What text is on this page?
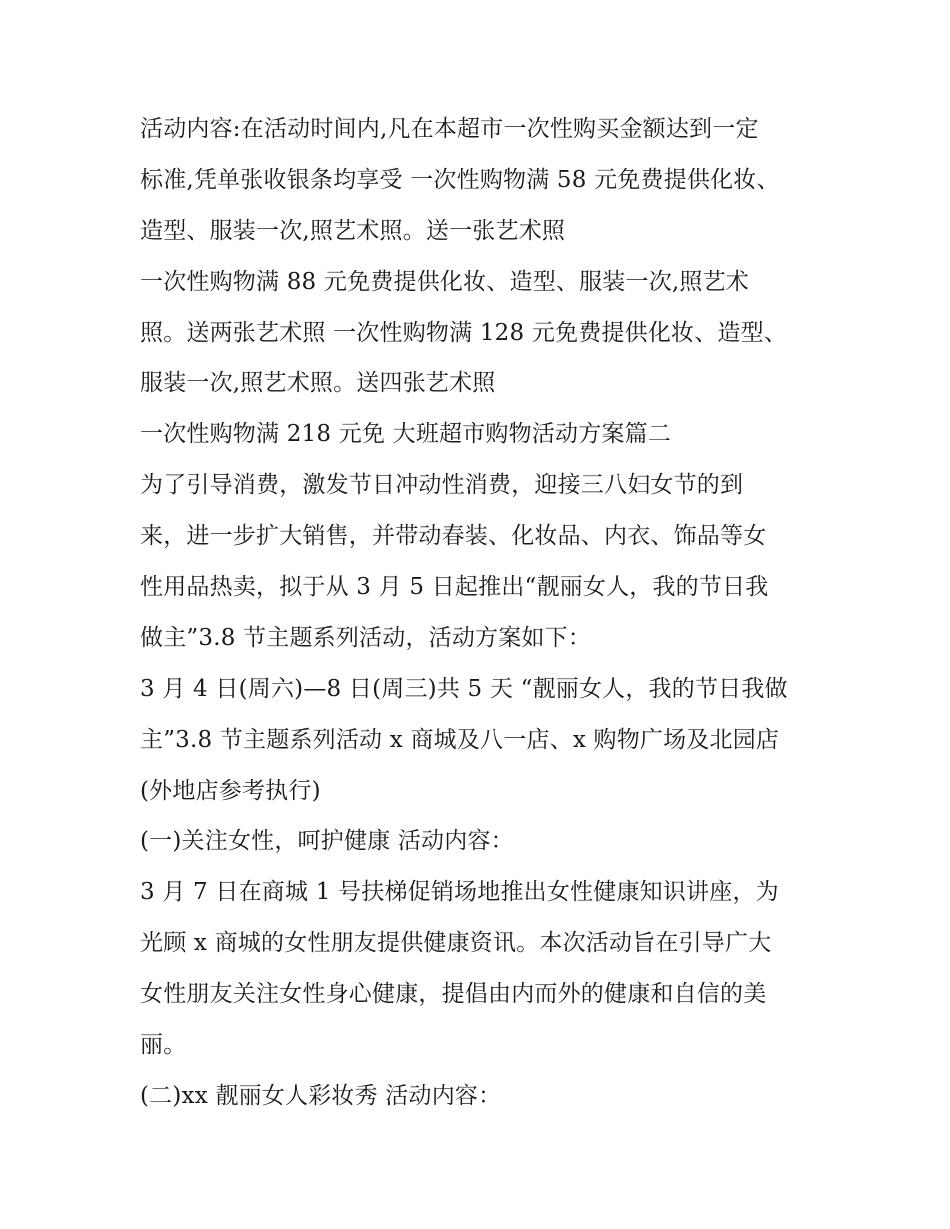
活动内容:在活动时间内,凡在本超市一次性购买金额达到一定
标准,凭单张收银条均享受 一次性购物满 58 元免费提供化妆、
造型、服装一次,照艺术照。送一张艺术照
一次性购物满 88 元免费提供化妆、造型、服装一次,照艺术
照。送两张艺术照 一次性购物满 128 元免费提供化妆、造型、
服装一次,照艺术照。送四张艺术照
一次性购物满 218 元免 大班超市购物活动方案篇二
为了引导消费，激发节日冲动性消费，迎接三八妇女节的到
来，进一步扩大销售，并带动春装、化妆品、内衣、饰品等女
性用品热卖，拟于从 3 月 5 日起推出“靓丽女人，我的节日我
做主”3.8 节主题系列活动，活动方案如下：
3 月 4 日(周六)—8 日(周三)共 5 天 “靓丽女人，我的节日我做
主”3.8 节主题系列活动 x 商城及八一店、x 购物广场及北园店
(外地店参考执行)
(一)关注女性，呵护健康 活动内容：
3 月 7 日在商城 1 号扶梯促销场地推出女性健康知识讲座，为
光顾 x 商城的女性朋友提供健康资讯。本次活动旨在引导广大
女性朋友关注女性身心健康，提倡由内而外的健康和自信的美
丽。
(二)xx 靓丽女人彩妆秀 活动内容：
